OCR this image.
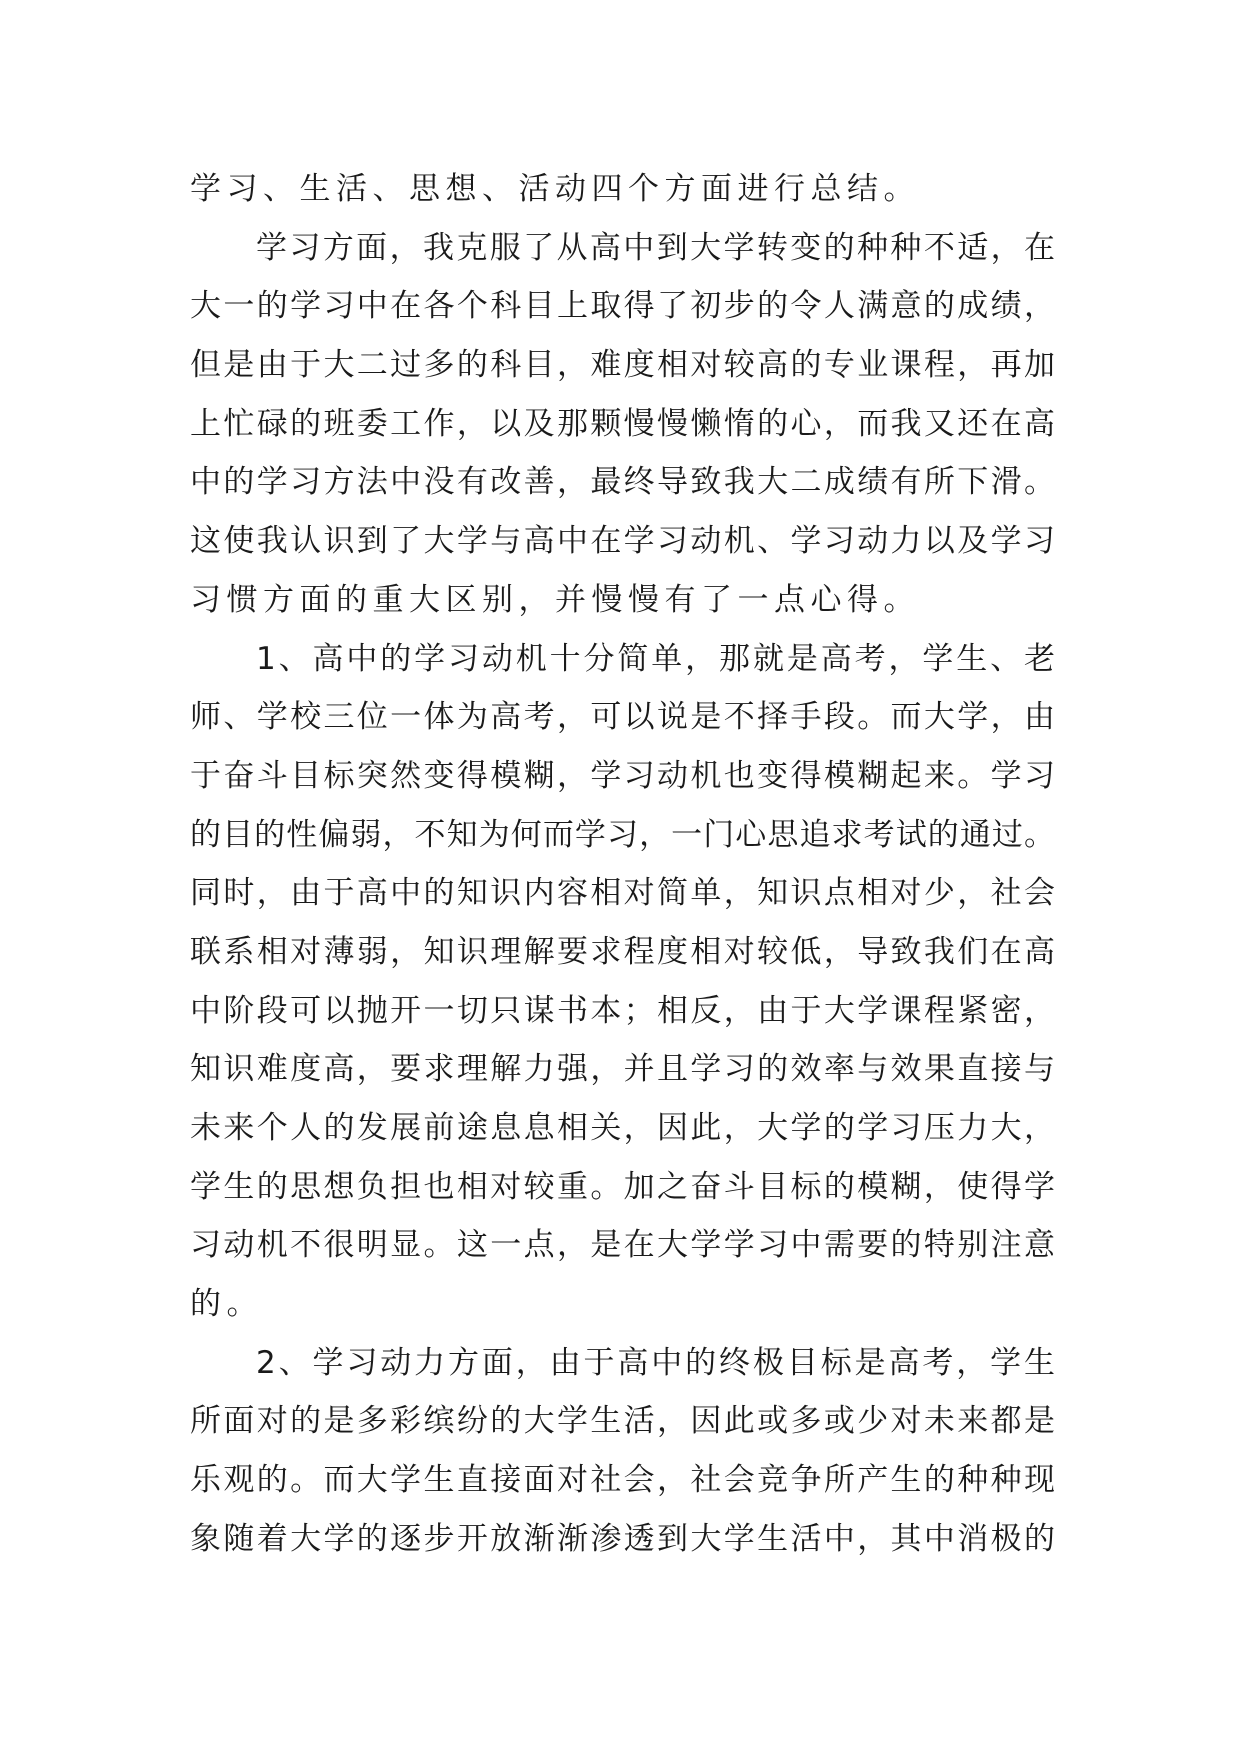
学习、生活、思想、活动四个方面进行总结。
学习方面，我克服了从高中到大学转变的种种不适，在
大一的学习中在各个科目上取得了初步的令人满意的成绩，
但是由于大二过多的科目，难度相对较高的专业课程，再加
上忙碌的班委工作，以及那颗慢慢懒惰的心，而我又还在高
中的学习方法中没有改善，最终导致我大二成绩有所下滑。
这使我认识到了大学与高中在学习动机、学习动力以及学习
习惯方面的重大区别，并慢慢有了一点心得。
1、高中的学习动机十分简单，那就是高考，学生、老
师、学校三位一体为高考，可以说是不择手段。而大学，由
于奋斗目标突然变得模糊，学习动机也变得模糊起来。学习
的目的性偏弱，不知为何而学习，一门心思追求考试的通过。
同时，由于高中的知识内容相对简单，知识点相对少，社会
联系相对薄弱，知识理解要求程度相对较低，导致我们在高
中阶段可以抛开一切只谋书本；相反，由于大学课程紧密，
知识难度高，要求理解力强，并且学习的效率与效果直接与
未来个人的发展前途息息相关，因此，大学的学习压力大，
学生的思想负担也相对较重。加之奋斗目标的模糊，使得学
习动机不很明显。这一点，是在大学学习中需要的特别注意
的。
2、学习动力方面，由于高中的终极目标是高考，学生
所面对的是多彩缤纷的大学生活，因此或多或少对未来都是
乐观的。而大学生直接面对社会，社会竞争所产生的种种现
象随着大学的逐步开放渐渐渗透到大学生活中，其中消极的
